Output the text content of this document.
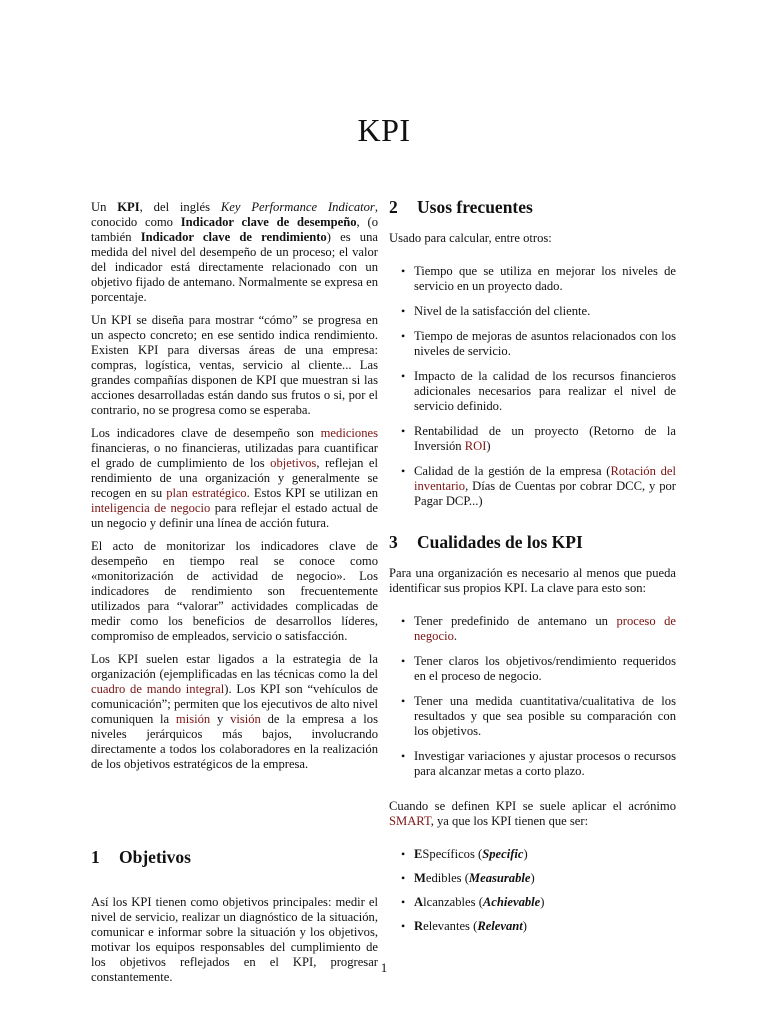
KPI

Un KPI, del inglés Key Performance Indicator, conocido como Indicador clave de desempeño, (o también Indicador clave de rendimiento) es una medida del nivel del desempeño de un proceso; el valor del indicador está directamente relacionado con un objetivo fijado de antemano. Normalmente se expresa en porcentaje.

Un KPI se diseña para mostrar “cómo” se progresa en un aspecto concreto; en ese sentido indica rendimiento. Existen KPI para diversas áreas de una empresa: compras, logística, ventas, servicio al cliente... Las grandes compañías disponen de KPI que muestran si las acciones desarrolladas están dando sus frutos o si, por el contrario, no se progresa como se esperaba.

Los indicadores clave de desempeño son mediciones financieras, o no financieras, utilizadas para cuantificar el grado de cumplimiento de los objetivos, reflejan el rendimiento de una organización y generalmente se recogen en su plan estratégico. Estos KPI se utilizan en inteligencia de negocio para reflejar el estado actual de un negocio y definir una línea de acción futura.

El acto de monitorizar los indicadores clave de desempeño en tiempo real se conoce como «monitorización de actividad de negocio». Los indicadores de rendimiento son frecuentemente utilizados para “valorar” actividades complicadas de medir como los beneficios de desarrollos líderes, compromiso de empleados, servicio o satisfacción.

Los KPI suelen estar ligados a la estrategia de la organización (ejemplificadas en las técnicas como la del cuadro de mando integral). Los KPI son “vehículos de comunicación”; permiten que los ejecutivos de alto nivel comuniquen la misión y visión de la empresa a los niveles jerárquicos más bajos, involucrando directamente a todos los colaboradores en la realización de los objetivos estratégicos de la empresa.

1	Objetivos

Así los KPI tienen como objetivos principales: medir el nivel de servicio, realizar un diagnóstico de la situación, comunicar e informar sobre la situación y los objetivos, motivar los equipos responsables del cumplimiento de los objetivos reflejados en el KPI, progresar constantemente.

2	Usos frecuentes

Usado para calcular, entre otros:

• Tiempo que se utiliza en mejorar los niveles de servicio en un proyecto dado.
• Nivel de la satisfacción del cliente.
• Tiempo de mejoras de asuntos relacionados con los niveles de servicio.
• Impacto de la calidad de los recursos financieros adicionales necesarios para realizar el nivel de servicio definido.
• Rentabilidad de un proyecto (Retorno de la Inversión ROI)
• Calidad de la gestión de la empresa (Rotación del inventario, Días de Cuentas por cobrar DCC, y por Pagar DCP...)
3	Cualidades de los KPI

Para una organización es necesario al menos que pueda identificar sus propios KPI. La clave para esto son:

• Tener predefinido de antemano un proceso de negocio.
• Tener claros los objetivos/rendimiento requeridos en el proceso de negocio.
• Tener una medida cuantitativa/cualitativa de los resultados y que sea posible su comparación con los objetivos.
• Investigar variaciones y ajustar procesos o recursos para alcanzar metas a corto plazo.

Cuando se definen KPI se suele aplicar el acrónimo SMART, ya que los KPI tienen que ser:

• ESpecíficos (Specific)
• Medibles (Measurable)
• Alcanzables (Achievable)
• Relevantes (Relevant)
1
